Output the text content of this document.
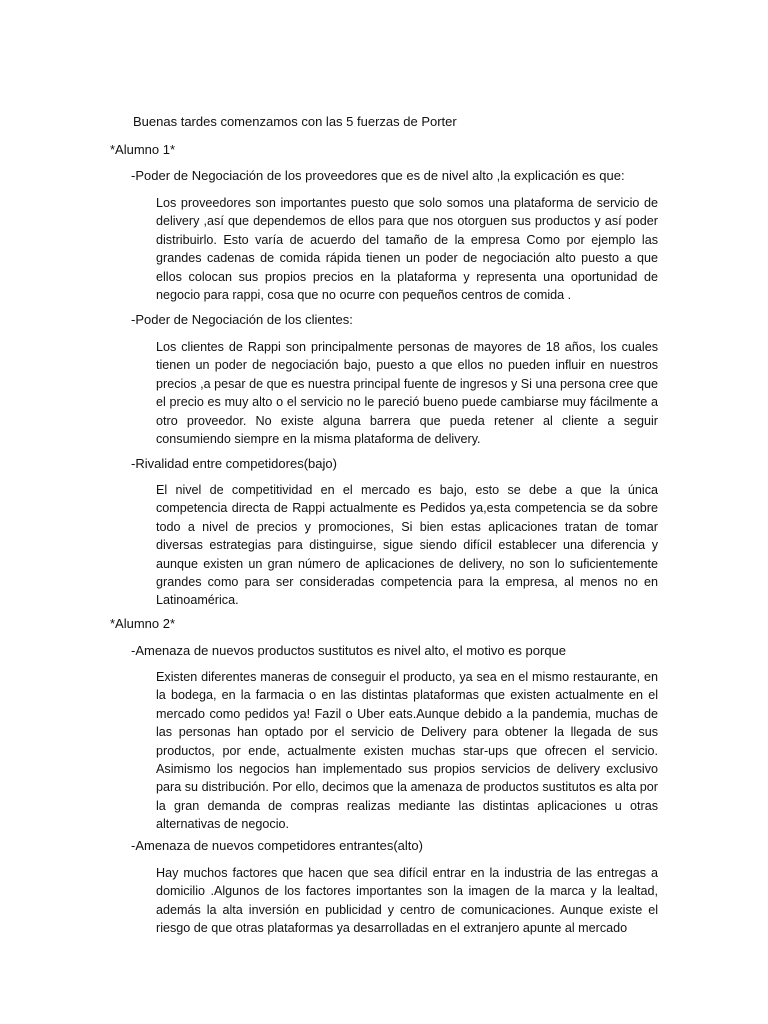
Buenas tardes comenzamos con las 5 fuerzas de Porter
*Alumno 1*
-Poder de Negociación de los proveedores que es de nivel alto ,la explicación es que:

Los proveedores son importantes puesto que solo somos una plataforma de servicio de delivery ,así que dependemos de ellos para que nos otorguen sus productos y así poder distribuirlo. Esto varía de acuerdo del tamaño de la empresa Como por ejemplo las grandes cadenas de comida rápida tienen un poder de negociación alto puesto a que ellos colocan sus propios precios en la plataforma y representa una oportunidad de negocio para rappi, cosa que no ocurre con pequeños centros de comida .

-Poder de Negociación de los clientes:

Los clientes de Rappi son principalmente personas de mayores de 18 años, los cuales tienen un poder de negociación bajo, puesto a que ellos no pueden influir en nuestros precios ,a pesar de que es nuestra principal fuente de ingresos y Si una persona cree que el precio es muy alto o el servicio no le pareció bueno puede cambiarse muy fácilmente a otro proveedor. No existe alguna barrera que pueda retener al cliente a seguir consumiendo siempre en la misma plataforma de delivery.

-Rivalidad entre competidores(bajo)

El nivel de competitividad en el mercado es bajo, esto se debe a que la única competencia directa de Rappi actualmente es Pedidos ya,esta competencia se da sobre todo a nivel de precios y promociones, Si bien estas aplicaciones tratan de tomar diversas estrategias para distinguirse, sigue siendo difícil establecer una diferencia y aunque existen un gran número de aplicaciones de delivery, no son lo suficientemente grandes como para ser consideradas competencia para la empresa, al menos no en Latinoamérica.

*Alumno 2*
-Amenaza de nuevos productos sustitutos es nivel alto, el motivo es porque

Existen diferentes maneras de conseguir el producto, ya sea en el mismo restaurante, en la bodega, en la farmacia o en las distintas plataformas que existen actualmente en el mercado como pedidos ya! Fazil o Uber eats.Aunque debido a la pandemia, muchas de las personas han optado por el servicio de Delivery para obtener la llegada de sus productos, por ende, actualmente existen muchas star-ups que ofrecen el servicio. Asimismo los negocios han implementado sus propios servicios de delivery exclusivo para su distribución. Por ello, decimos que la amenaza de productos sustitutos es alta por la gran demanda de compras realizas mediante las distintas aplicaciones u otras alternativas de negocio.

-Amenaza de nuevos competidores entrantes(alto)

Hay muchos factores que hacen que sea difícil entrar en la industria de las entregas a domicilio .Algunos de los factores importantes son la imagen de la marca y la lealtad, además la alta inversión en publicidad y centro de comunicaciones. Aunque existe el riesgo de que otras plataformas ya desarrolladas en el extranjero apunte al mercado
